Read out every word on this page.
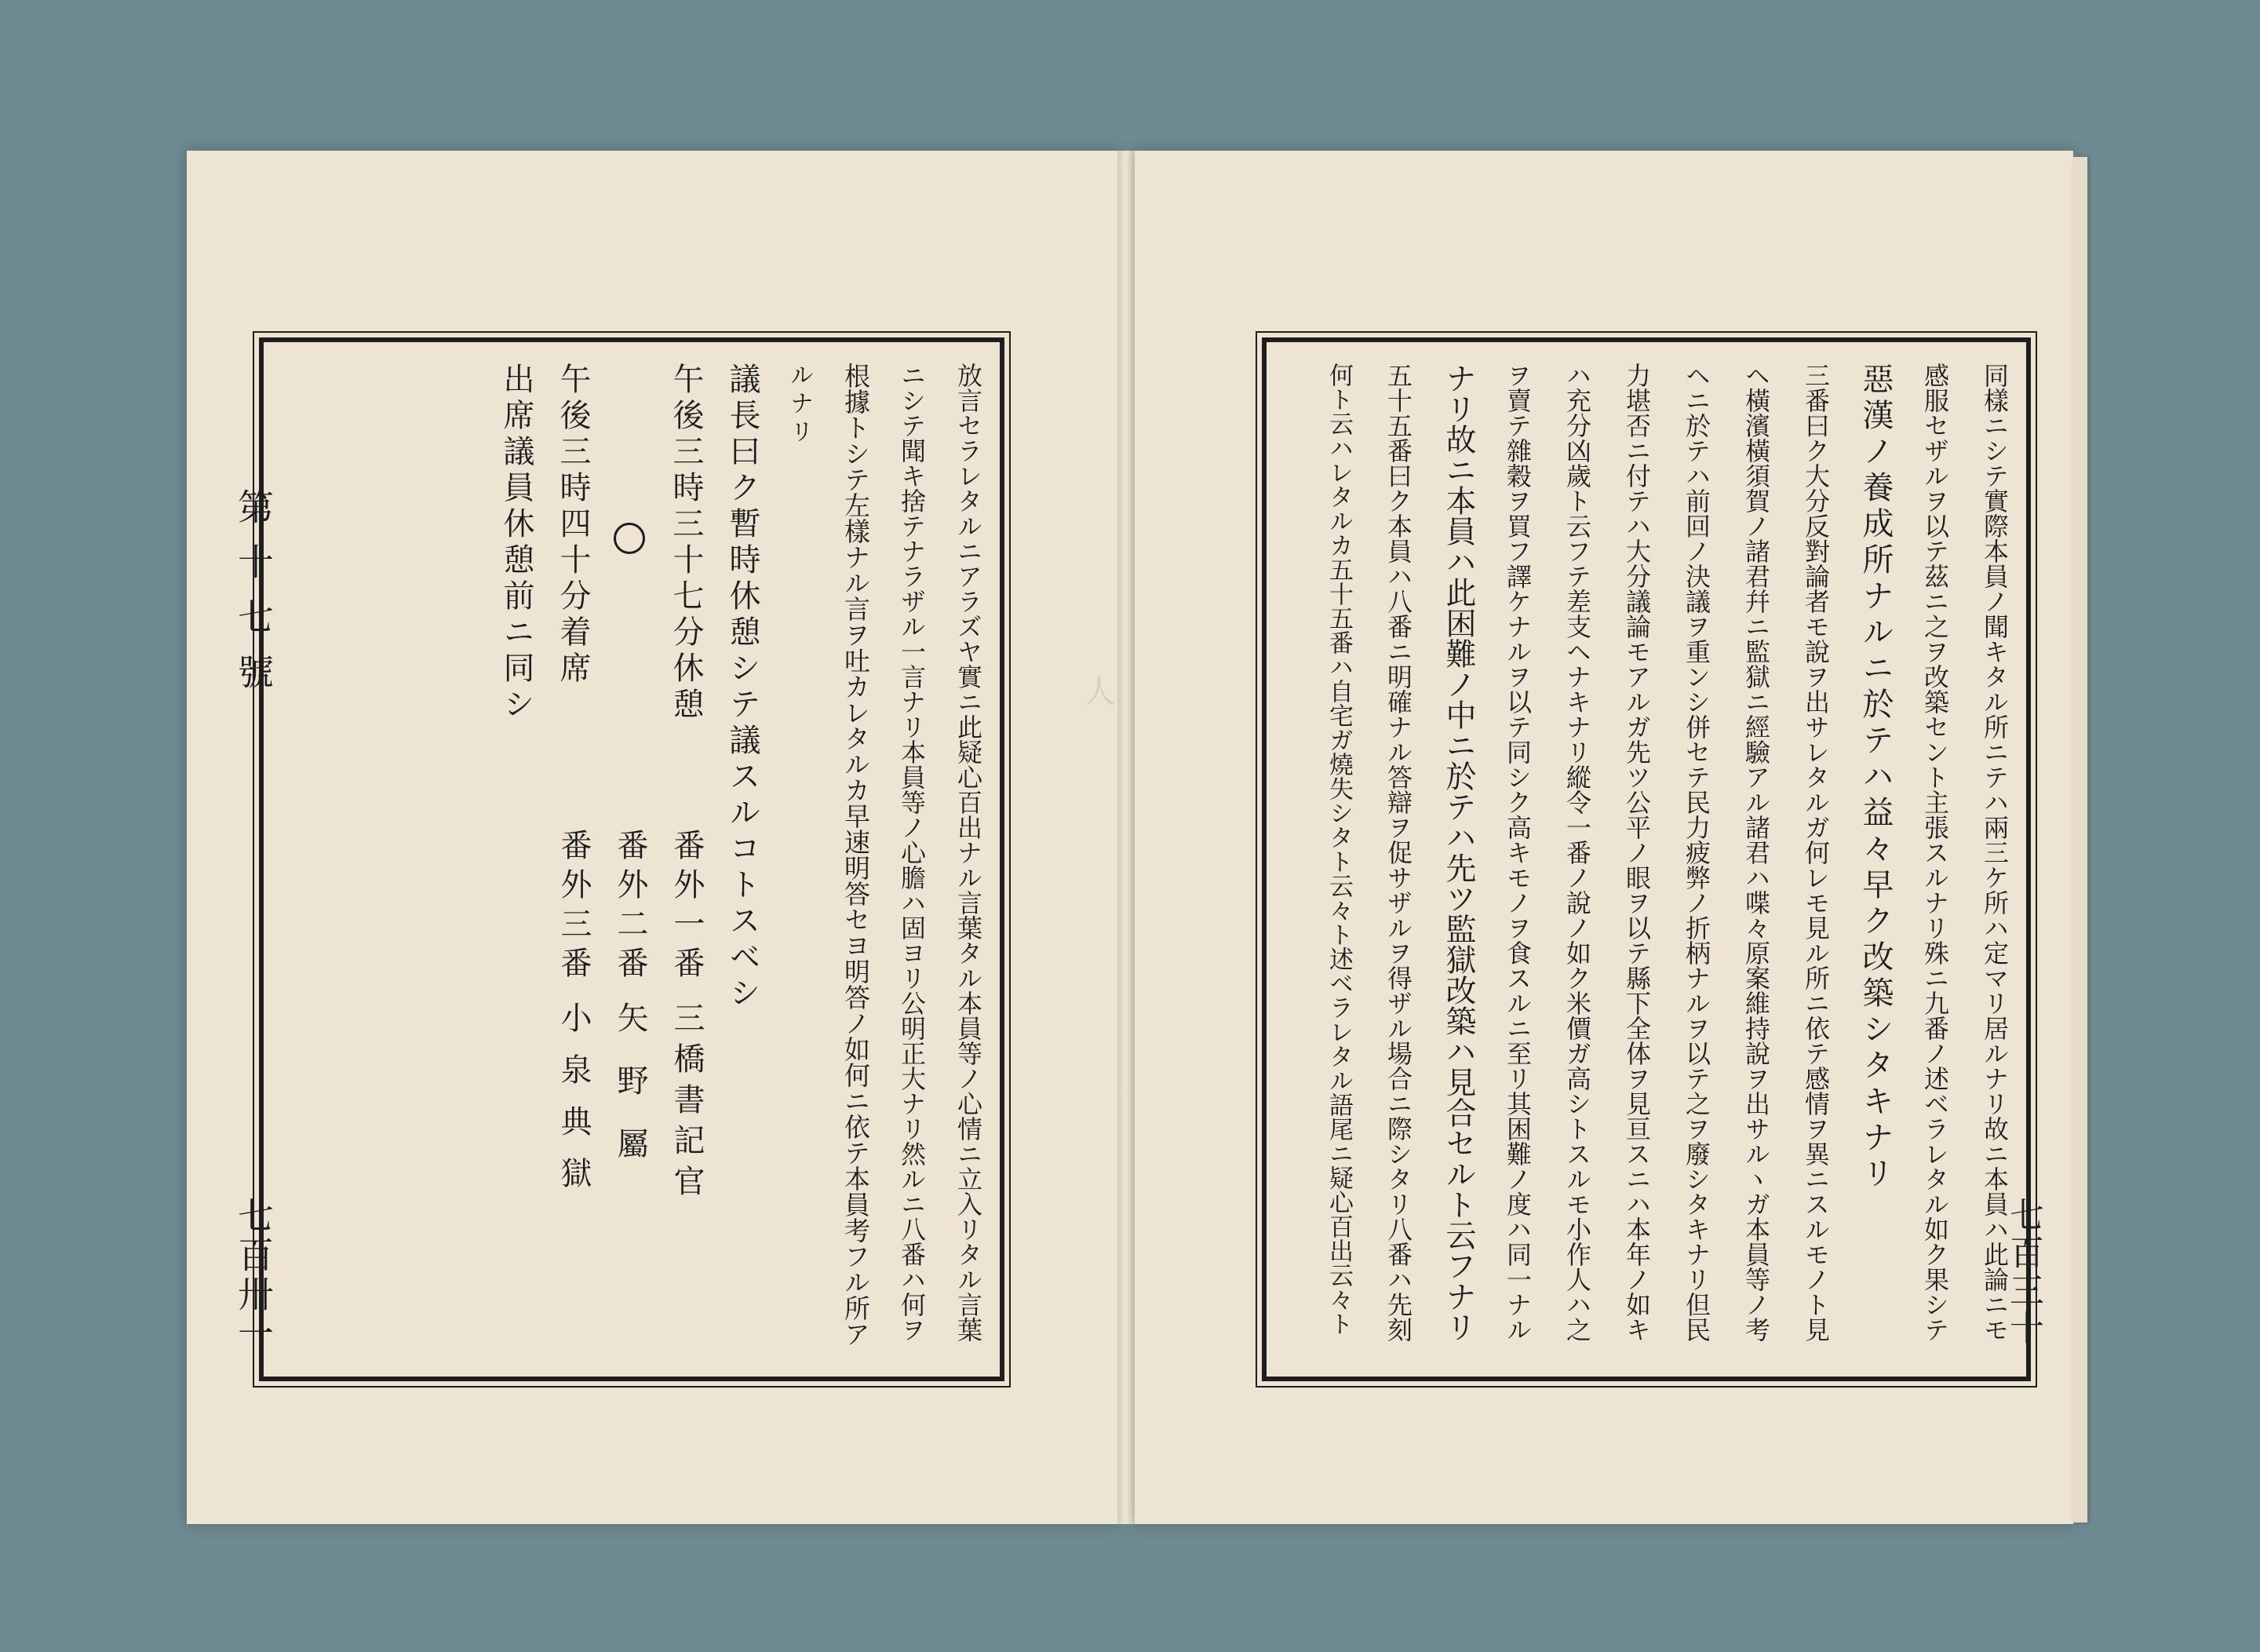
第十七號
七百卅一	七百三十
人
放言セラレタルニアラズヤ實ニ此疑心百出ナル言葉タル本員等ノ心情ニ立入リタル言葉
ニシテ聞キ捨テナラザル一言ナリ本員等ノ心膽ハ固ヨリ公明正大ナリ然ルニ八番ハ何ヲ
根據トシテ左樣ナル言ヲ吐カレタルカ早速明答セヨ明答ノ如何ニ依テ本員考フル所ア
ルナリ
議長曰ク暫時休憩シテ議スルコトスベシ
午後三時三十七分休憩
午後三時四十分着席
出席議員休憩前ニ同シ
番外一番
三橋書記官
番外二番
矢野屬
番外三番
小泉典獄	同樣ニシテ實際本員ノ聞キタル所ニテハ兩三ケ所ハ定マリ居ルナリ故ニ本員ハ此論ニモ
感服セザルヲ以テ茲ニ之ヲ改築セント主張スルナリ殊ニ九番ノ述ベラレタル如ク果シテ
惡漢ノ養成所ナルニ於テハ益々早ク改築シタキナリ
三番曰ク大分反對論者モ說ヲ出サレタルガ何レモ見ル所ニ依テ感情ヲ異ニスルモノト見
ヘ橫濱橫須賀ノ諸君幷ニ監獄ニ經驗アル諸君ハ喋々原案維持說ヲ出サルヽガ本員等ノ考
ヘニ於テハ前回ノ決議ヲ重ンシ併セテ民力疲弊ノ折柄ナルヲ以テ之ヲ廢シタキナリ但民
力堪否ニ付テハ大分議論モアルガ先ツ公平ノ眼ヲ以テ縣下全体ヲ見亘スニハ本年ノ如キ
ハ充分凶歲ト云フテ差支ヘナキナリ縱令一番ノ說ノ如ク米價ガ高シトスルモ小作人ハ之
ヲ賣テ雜穀ヲ買フ譯ケナルヲ以テ同シク高キモノヲ食スルニ至リ其困難ノ度ハ同一ナル
ナリ故ニ本員ハ此困難ノ中ニ於テハ先ツ監獄改築ハ見合セルト云フナリ
五十五番曰ク本員ハ八番ニ明確ナル答辯ヲ促サザルヲ得ザル場合ニ際シタリ八番ハ先刻
何ト云ハレタルカ五十五番ハ自宅ガ燒失シタト云々ト述ベラレタル語尾ニ疑心百出云々ト
